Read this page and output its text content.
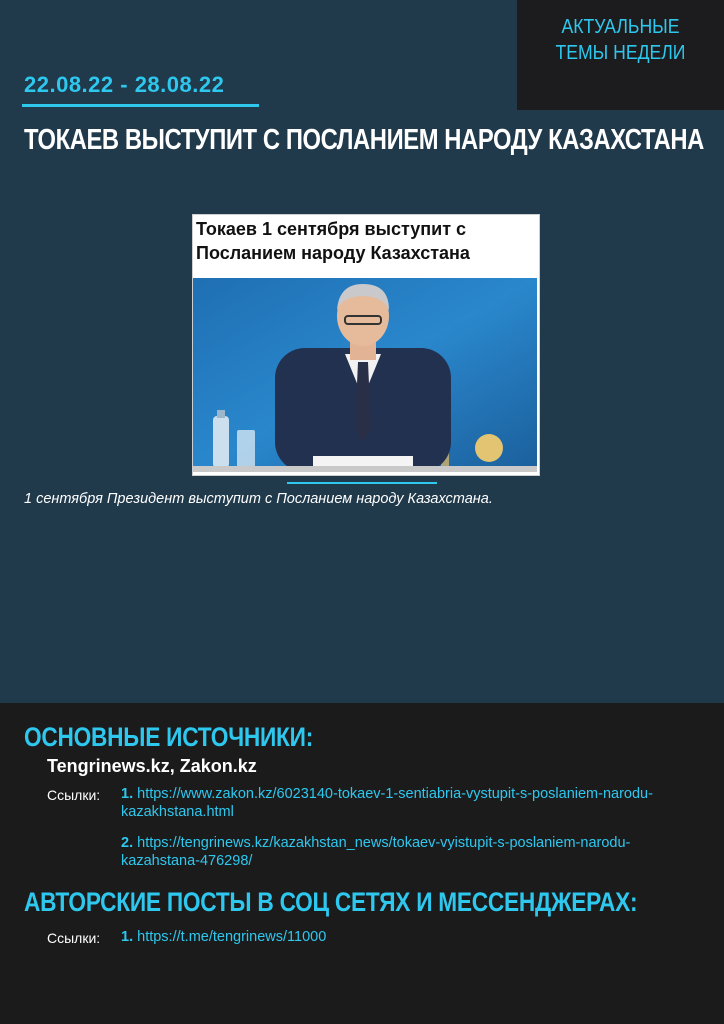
АКТУАЛЬНЫЕ ТЕМЫ НЕДЕЛИ
22.08.22 - 28.08.22
ТОКАЕВ ВЫСТУПИТ С ПОСЛАНИЕМ НАРОДУ КАЗАХСТАНА
Токаев 1 сентября выступит с Посланием народу Казахстана
1 сентября Президент выступит с Посланием народу Казахстана.
ОСНОВНЫЕ ИСТОЧНИКИ:
Tengrinews.kz, Zakon.kz
Ссылки: 1. https://www.zakon.kz/6023140-tokaev-1-sentiabria-vystupit-s-poslaniem-narodu-kazakhstana.html
2. https://tengrinews.kz/kazakhstan_news/tokaev-vyistupit-s-poslaniem-narodu-kazahstana-476298/
АВТОРСКИЕ ПОСТЫ В СОЦ СЕТЯХ И МЕССЕНДЖЕРАХ:
Ссылки: 1. https://t.me/tengrinews/11000
